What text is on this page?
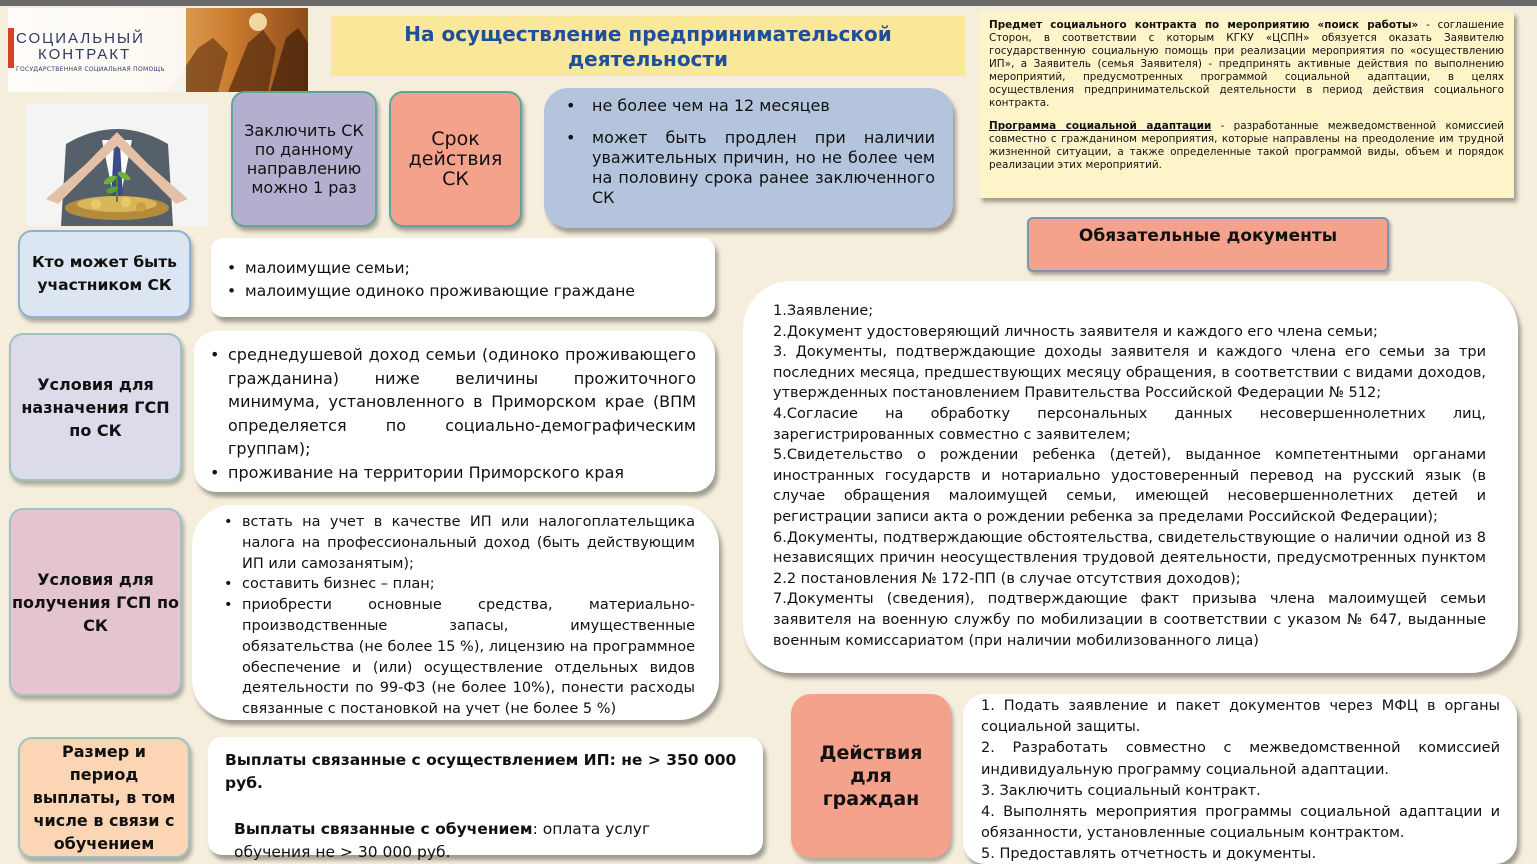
СОЦИАЛЬНЫЙ
КОНТРАКТ
ГОСУДАРСТВЕННАЯ СОЦИАЛЬНАЯ ПОМОЩЬ
На осуществление предпринимательской
деятельности

Предмет социального контракта по мероприятию «поиск работы» - соглашение Сторон, в соответствии с которым КГКУ «ЦСПН» обязуется оказать Заявителю государственную социальную помощь при реализации мероприятия по «осуществлению ИП», а Заявитель (семья Заявителя) - предпринять активные действия по выполнению мероприятий, предусмотренных программой социальной адаптации, в целях осуществления предпринимательской деятельности в период действия социального контракта.

Программа социальной адаптации - разработанные межведомственной комиссией совместно с гражданином мероприятия, которые направлены на преодоление им трудной жизненной ситуации, а также определенные такой программой виды, объем и порядок реализации этих мероприятий.

Заключить СК по данному направлению можно 1 раз
Срок действия СК
• не более чем на 12 месяцев
• может быть продлен при наличии уважительных причин, но не более чем на половину срока ранее заключенного СК
Кто может быть участником СК
• малоимущие семьи;
• малоимущие одиноко проживающие граждане
Условия для назначения ГСП по СК
• среднедушевой доход семьи (одиноко проживающего гражданина) ниже величины прожиточного минимума, установленного в Приморском крае (ВПМ определяется по социально-демографическим группам);
• проживание на территории Приморского края
Условия для получения ГСП по СК
• встать на учет в качестве ИП или налогоплательщика налога на профессиональный доход (быть действующим ИП или самозанятым);
• составить бизнес – план;
• приобрести основные средства, материально-производственные запасы, имущественные обязательства (не более 15 %), лицензию на программное обеспечение и (или) осуществление отдельных видов деятельности по 99-ФЗ (не более 10%), понести расходы связанные с постановкой на учет (не более 5 %)
Размер и период выплаты, в том числе в связи с обучением
Выплаты связанные с осуществлением ИП: не > 350 000 руб.
Выплаты связанные с обучением: оплата услуг обучения не > 30 000 руб.
Обязательные документы
1.Заявление;
2.Документ удостоверяющий личность заявителя и каждого его члена семьи;
3. Документы, подтверждающие доходы заявителя и каждого члена его семьи за три последних месяца, предшествующих месяцу обращения, в соответствии с видами доходов, утвержденных постановлением Правительства Российской Федерации № 512;
4.Согласие на обработку персональных данных несовершеннолетних лиц, зарегистрированных совместно с заявителем;
5.Свидетельство о рождении ребенка (детей), выданное компетентными органами иностранных государств и нотариально удостоверенный перевод на русский язык (в случае обращения малоимущей семьи, имеющей несовершеннолетних детей и регистрации записи акта о рождении ребенка за пределами Российской Федерации);
6.Документы, подтверждающие обстоятельства, свидетельствующие о наличии одной из 8 независящих причин неосуществления трудовой деятельности, предусмотренных пунктом 2.2 постановления № 172-ПП (в случае отсутствия доходов);
7.Документы (сведения), подтверждающие факт призыва члена малоимущей семьи заявителя на военную службу по мобилизации в соответствии с указом № 647, выданные военным комиссариатом (при наличии мобилизованного лица)
Действия для граждан
1. Подать заявление и пакет документов через МФЦ в органы социальной защиты.
2. Разработать совместно с межведомственной комиссией индивидуальную программу социальной адаптации.
3. Заключить социальный контракт.
4. Выполнять мероприятия программы социальной адаптации и обязанности, установленные социальным контрактом.
5. Предоставлять отчетность и документы.
